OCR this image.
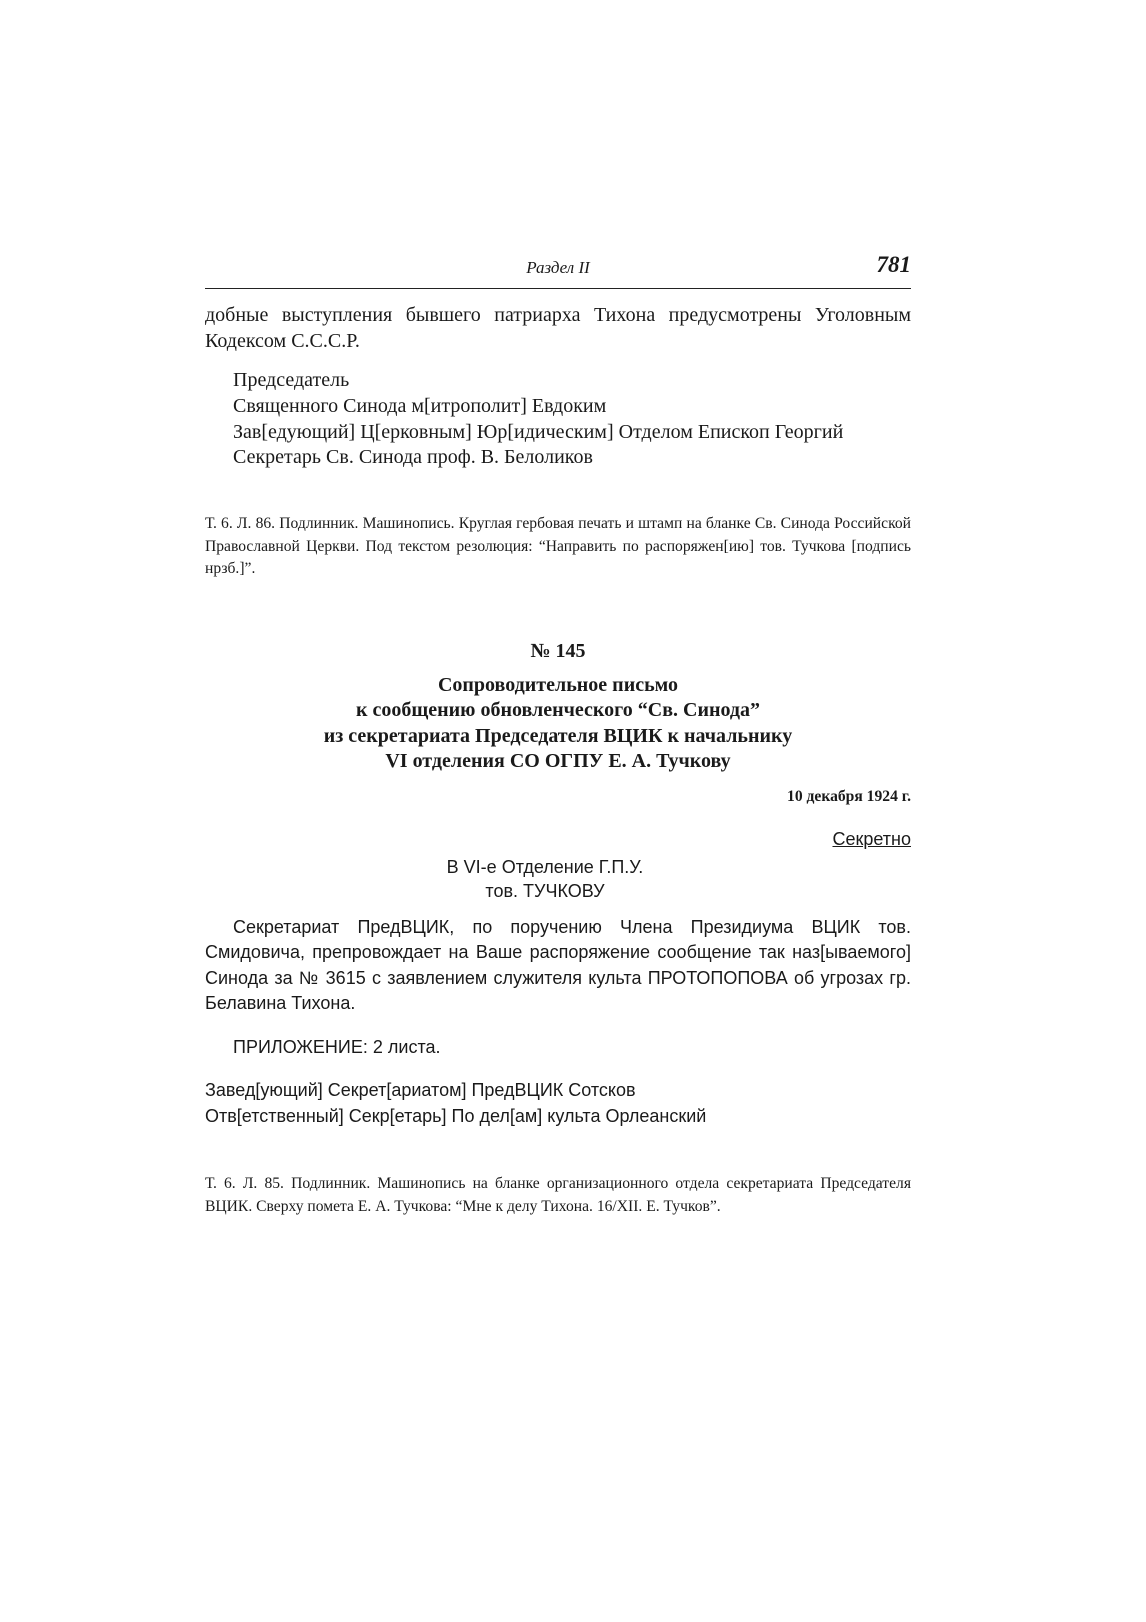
Раздел II	781

добные выступления бывшего патриарха Тихона предусмотрены Уголовным Кодексом С.С.С.Р.

Председатель
Священного Синода м[итрополит] Евдоким
Зав[едующий] Ц[ерковным] Юр[идическим] Отделом Епископ Георгий
Секретарь Св. Синода проф. В. Белоликов

Т. 6. Л. 86. Подлинник. Машинопись. Круглая гербовая печать и штамп на бланке Св. Синода Российской Православной Церкви. Под текстом резолюция: “Направить по распоряжен[ию] тов. Тучкова [подпись нрзб.]”.

№ 145
Сопроводительное письмо
к сообщению обновленческого “Св. Синода”
из секретариата Председателя ВЦИК к начальнику
VI отделения СО ОГПУ Е. А. Тучкову
10 декабря 1924 г.
Секретно
В VI-е Отделение Г.П.У.
тов. ТУЧКОВУ

Секретариат ПредВЦИК, по поручению Члена Президиума ВЦИК тов. Смидовича, препровождает на Ваше распоряжение сообщение так наз[ываемого] Синода за № 3615 с заявлением служителя культа ПРОТОПОПОВА об угрозах гр. Белавина Тихона.

ПРИЛОЖЕНИЕ: 2 листа.

Завед[ующий] Секрет[ариатом] ПредВЦИК Сотсков
Отв[етственный] Секр[етарь] По дел[ам] культа Орлеанский

Т. 6. Л. 85. Подлинник. Машинопись на бланке организационного отдела секретариата Председателя ВЦИК. Сверху помета Е. А. Тучкова: “Мне к делу Тихона. 16/XII. Е. Тучков”.
